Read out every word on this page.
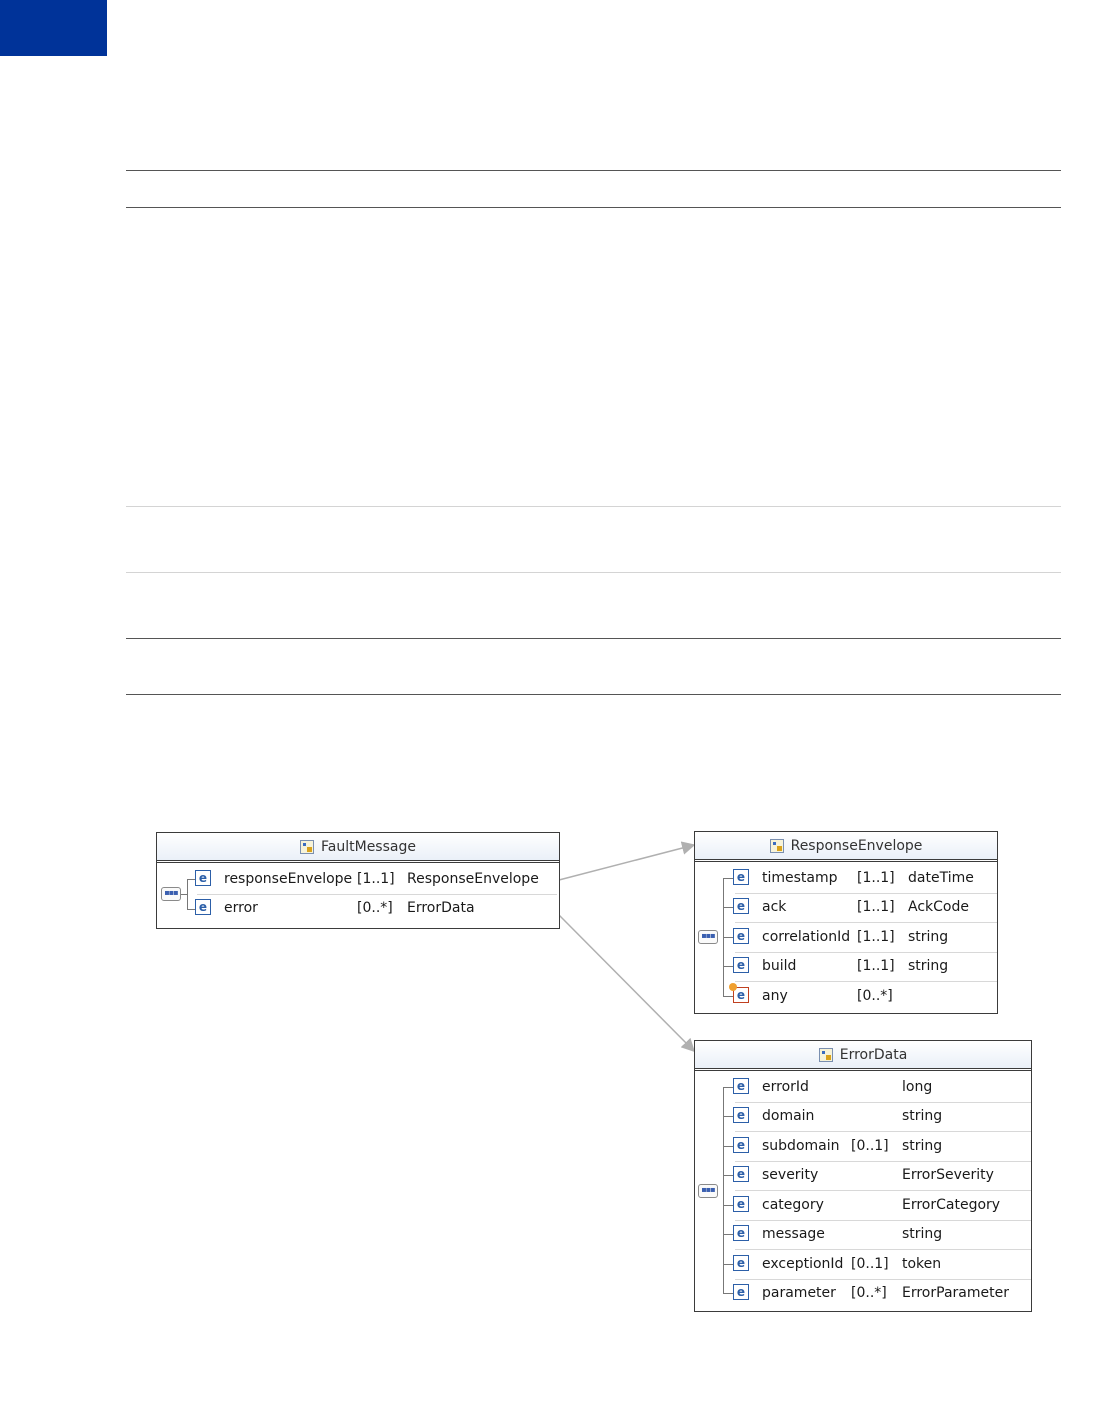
FaultMessage
▪▪▪
e responseEnvelope [1..1] ResponseEnvelope
e error	[0..*] ErrorData
ResponseEnvelope
▪▪▪
e timestamp [1..1] dateTime
e ack	[1..1] AckCode
e correlationId [1..1] string
e build	[1..1] string
e any	[0..*]
ErrorData
▪▪▪
e errorId	long
e domain	string
e subdomain [0..1] string
e severity	ErrorSeverity
e category	ErrorCategory
e message	string
e exceptionId [0..1] token
e parameter [0..*] ErrorParameter
